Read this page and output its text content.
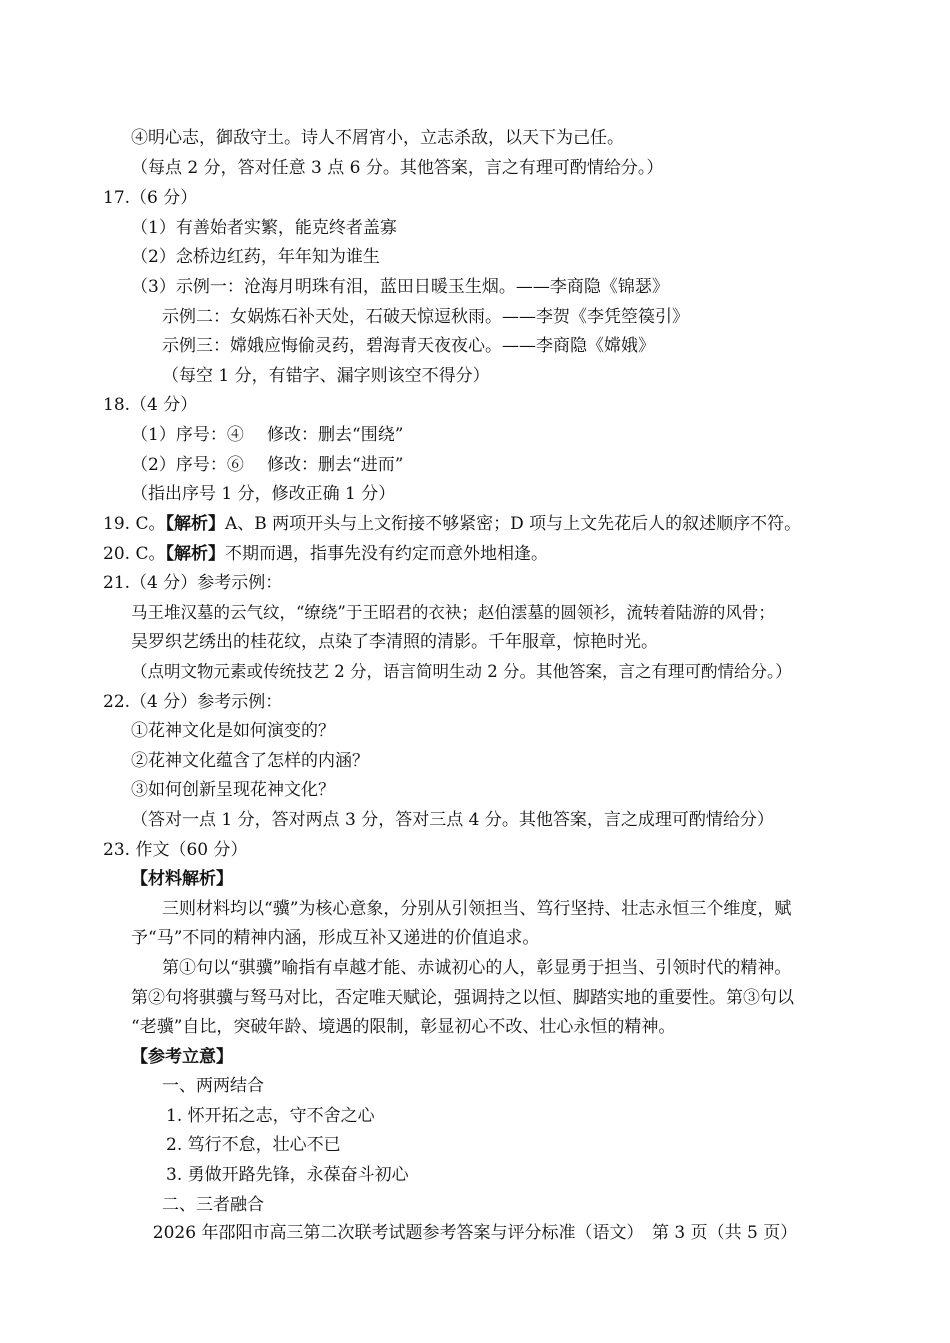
④明心志，御敌守土。诗人不屑宵小，立志杀敌，以天下为己任。
（每点 2 分，答对任意 3 点 6 分。其他答案，言之有理可酌情给分。）
17.（6 分）
（1）有善始者实繁，能克终者盖寡
（2）念桥边红药，年年知为谁生
（3）示例一：沧海月明珠有泪，蓝田日暖玉生烟。——李商隐《锦瑟》
示例二：女娲炼石补天处，石破天惊逗秋雨。——李贺《李凭箜篌引》
示例三：嫦娥应悔偷灵药，碧海青天夜夜心。——李商隐《嫦娥》
（每空 1 分，有错字、漏字则该空不得分）
18.（4 分）
（1）序号：④ 修改：删去“围绕”
（2）序号：⑥ 修改：删去“进而”
（指出序号 1 分，修改正确 1 分）
19. C。【解析】A、B 两项开头与上文衔接不够紧密；D 项与上文先花后人的叙述顺序不符。
20. C。【解析】不期而遇，指事先没有约定而意外地相逢。
21.（4 分）参考示例：
马王堆汉墓的云气纹，“缭绕”于王昭君的衣袂；赵伯澐墓的圆领衫，流转着陆游的风骨；
吴罗织艺绣出的桂花纹，点染了李清照的清影。千年服章，惊艳时光。
（点明文物元素或传统技艺 2 分，语言简明生动 2 分。其他答案，言之有理可酌情给分。）
22.（4 分）参考示例：
①花神文化是如何演变的？
②花神文化蕴含了怎样的内涵？
③如何创新呈现花神文化？
（答对一点 1 分，答对两点 3 分，答对三点 4 分。其他答案，言之成理可酌情给分）
23. 作文（60 分）
【材料解析】
三则材料均以“骥”为核心意象，分别从引领担当、笃行坚持、壮志永恒三个维度，赋
予“马”不同的精神内涵，形成互补又递进的价值追求。
第①句以“骐骥”喻指有卓越才能、赤诚初心的人，彰显勇于担当、引领时代的精神。
第②句将骐骥与驽马对比，否定唯天赋论，强调持之以恒、脚踏实地的重要性。第③句以
“老骥”自比，突破年龄、境遇的限制，彰显初心不改、壮心永恒的精神。
【参考立意】
一、两两结合
1. 怀开拓之志，守不舍之心
2. 笃行不怠，壮心不已
3. 勇做开路先锋，永葆奋斗初心
二、三者融合
2026 年邵阳市高三第二次联考试题参考答案与评分标准（语文）　第 3 页（共 5 页）
